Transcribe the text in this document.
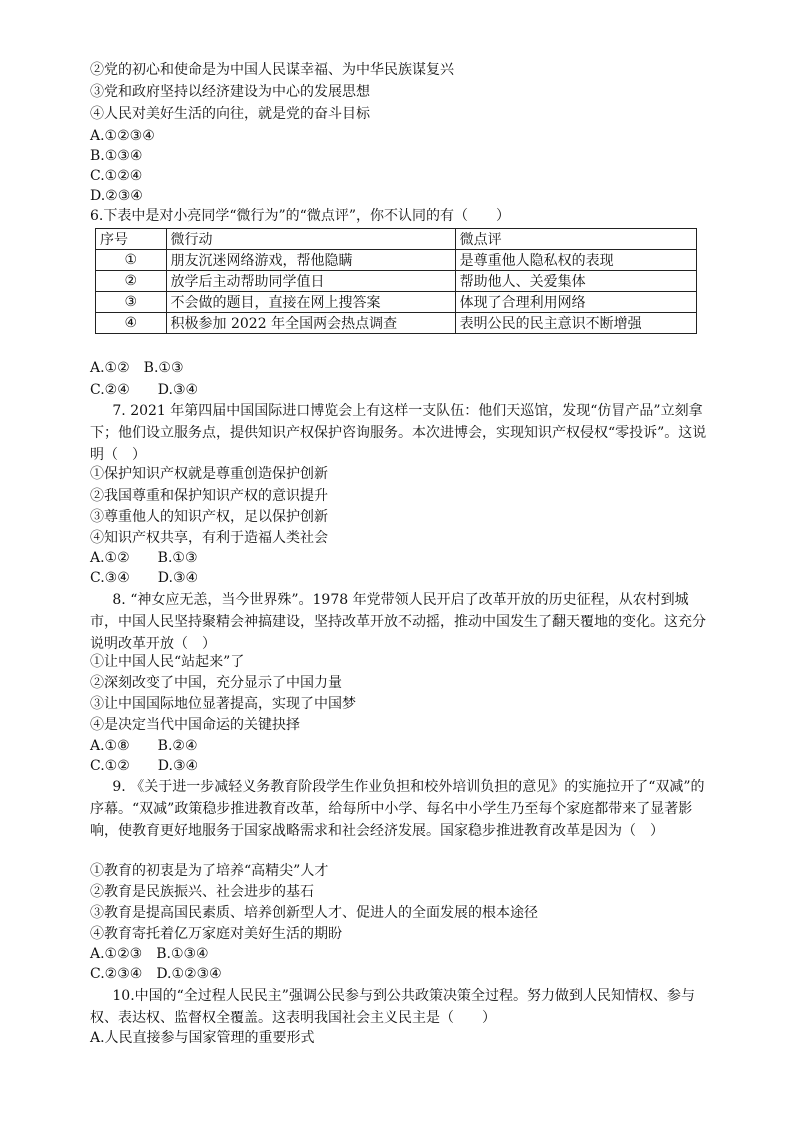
②党的初心和使命是为中国人民谋幸福、为中华民族谋复兴
③党和政府坚持以经济建设为中心的发展思想
④人民对美好生活的向往，就是党的奋斗目标
A.①②③④
B.①③④
C.①②④
D.②③④
6.下表中是对小亮同学“微行为”的“微点评”，你不认同的有（　　）
序号	微行动	微点评
①	朋友沉迷网络游戏，帮他隐瞒	是尊重他人隐私权的表现
②	放学后主动帮助同学值日	帮助他人、关爱集体
③	不会做的题目，直接在网上搜答案	体现了合理利用网络
④	积极参加 2022 年全国两会热点调查	表明公民的民主意识不断增强
A.①②　B.①③
C.②④　　D.③④
7. 2021 年第四届中国国际进口博览会上有这样一支队伍：他们天巡馆，发现“仿冒产品”立刻拿下；他们设立服务点，提供知识产权保护咨询服务。本次进博会，实现知识产权侵权“零投诉”。这说明（　）
①保护知识产权就是尊重创造保护创新
②我国尊重和保护知识产权的意识提升
③尊重他人的知识产权，足以保护创新
④知识产权共享，有利于造福人类社会
A.①②　　B.①③
C.③④　　D.③④
8. “神女应无恙，当今世界殊”。1978 年党带领人民开启了改革开放的历史征程，从农村到城市，中国人民坚持聚精会神搞建设，坚持改革开放不动摇，推动中国发生了翻天覆地的变化。这充分说明改革开放（　）
①让中国人民“站起来”了
②深刻改变了中国，充分显示了中国力量
③让中国国际地位显著提高，实现了中国梦
④是决定当代中国命运的关键抉择
A.①⑧　　B.②④
C.①②　　D.③④
9. 《关于进一步减轻义务教育阶段学生作业负担和校外培训负担的意见》的实施拉开了“双减”的序幕。“双减”政策稳步推进教育改革，给每所中小学、每名中小学生乃至每个家庭都带来了显著影响，使教育更好地服务于国家战略需求和社会经济发展。国家稳步推进教育改革是因为（　）
①教育的初衷是为了培养“高精尖”人才
②教育是民族振兴、社会进步的基石
③教育是提高国民素质、培养创新型人才、促进人的全面发展的根本途径
④教育寄托着亿万家庭对美好生活的期盼
A.①②③　B.①③④
C.②③④　D.①②③④
10.中国的“全过程人民民主”强调公民参与到公共政策决策全过程。努力做到人民知情权、参与权、表达权、监督权全覆盖。这表明我国社会主义民主是（　　）
A.人民直接参与国家管理的重要形式
